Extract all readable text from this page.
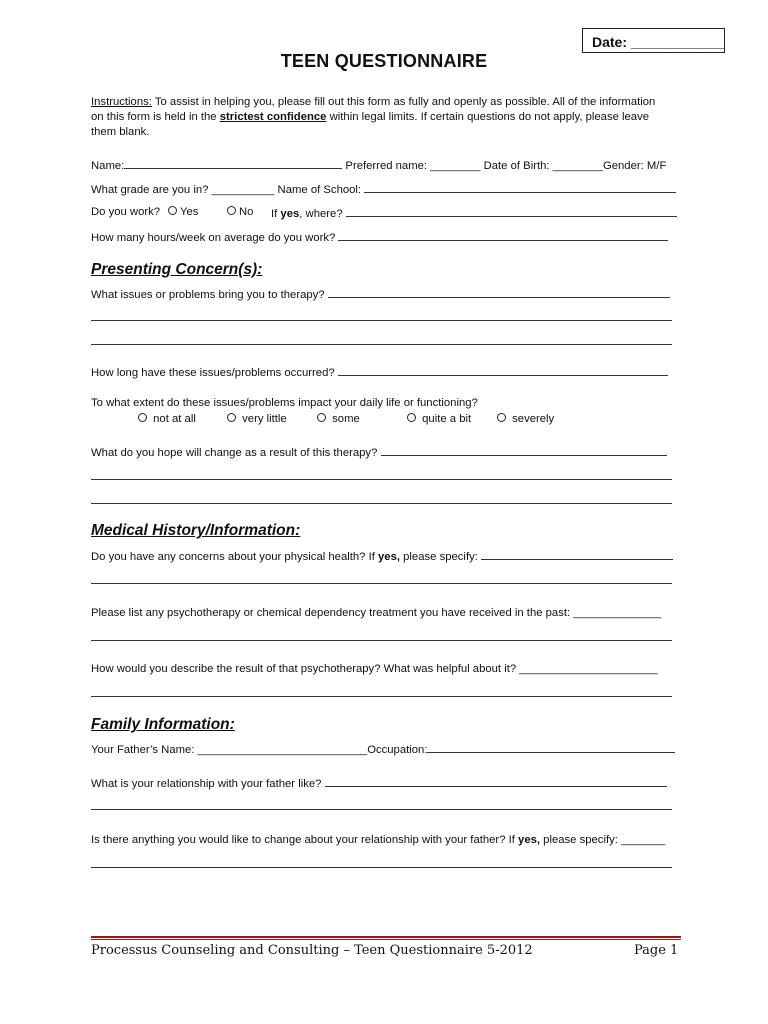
Date: ____________
TEEN QUESTIONNAIRE
Instructions: To assist in helping you, please fill out this form as fully and openly as possible. All of the information
on this form is held in the strictest confidence within legal limits. If certain questions do not apply, please leave
them blank.
Name:	Preferred name: ________ Date of Birth: ________Gender: M/F
What grade are you in? __________ Name of School:
Do you work?	Yes	No If yes, where?
How many hours/week on average do you work?
Presenting Concern(s):
What issues or problems bring you to therapy?
How long have these issues/problems occurred?
To what extent do these issues/problems impact your daily life or functioning?
not at all	very little	some	quite a bit	severely
What do you hope will change as a result of this therapy?
Medical History/Information:
Do you have any concerns about your physical health? If yes, please specify:
Please list any psychotherapy or chemical dependency treatment you have received in the past: ______________
How would you describe the result of that psychotherapy? What was helpful about it? ______________________
Family Information:
Your Father’s Name: ___________________________Occupation:
What is your relationship with your father like?
Is there anything you would like to change about your relationship with your father? If yes, please specify: _______
Processus Counseling and Consulting – Teen Questionnaire 5-2012	Page 1
